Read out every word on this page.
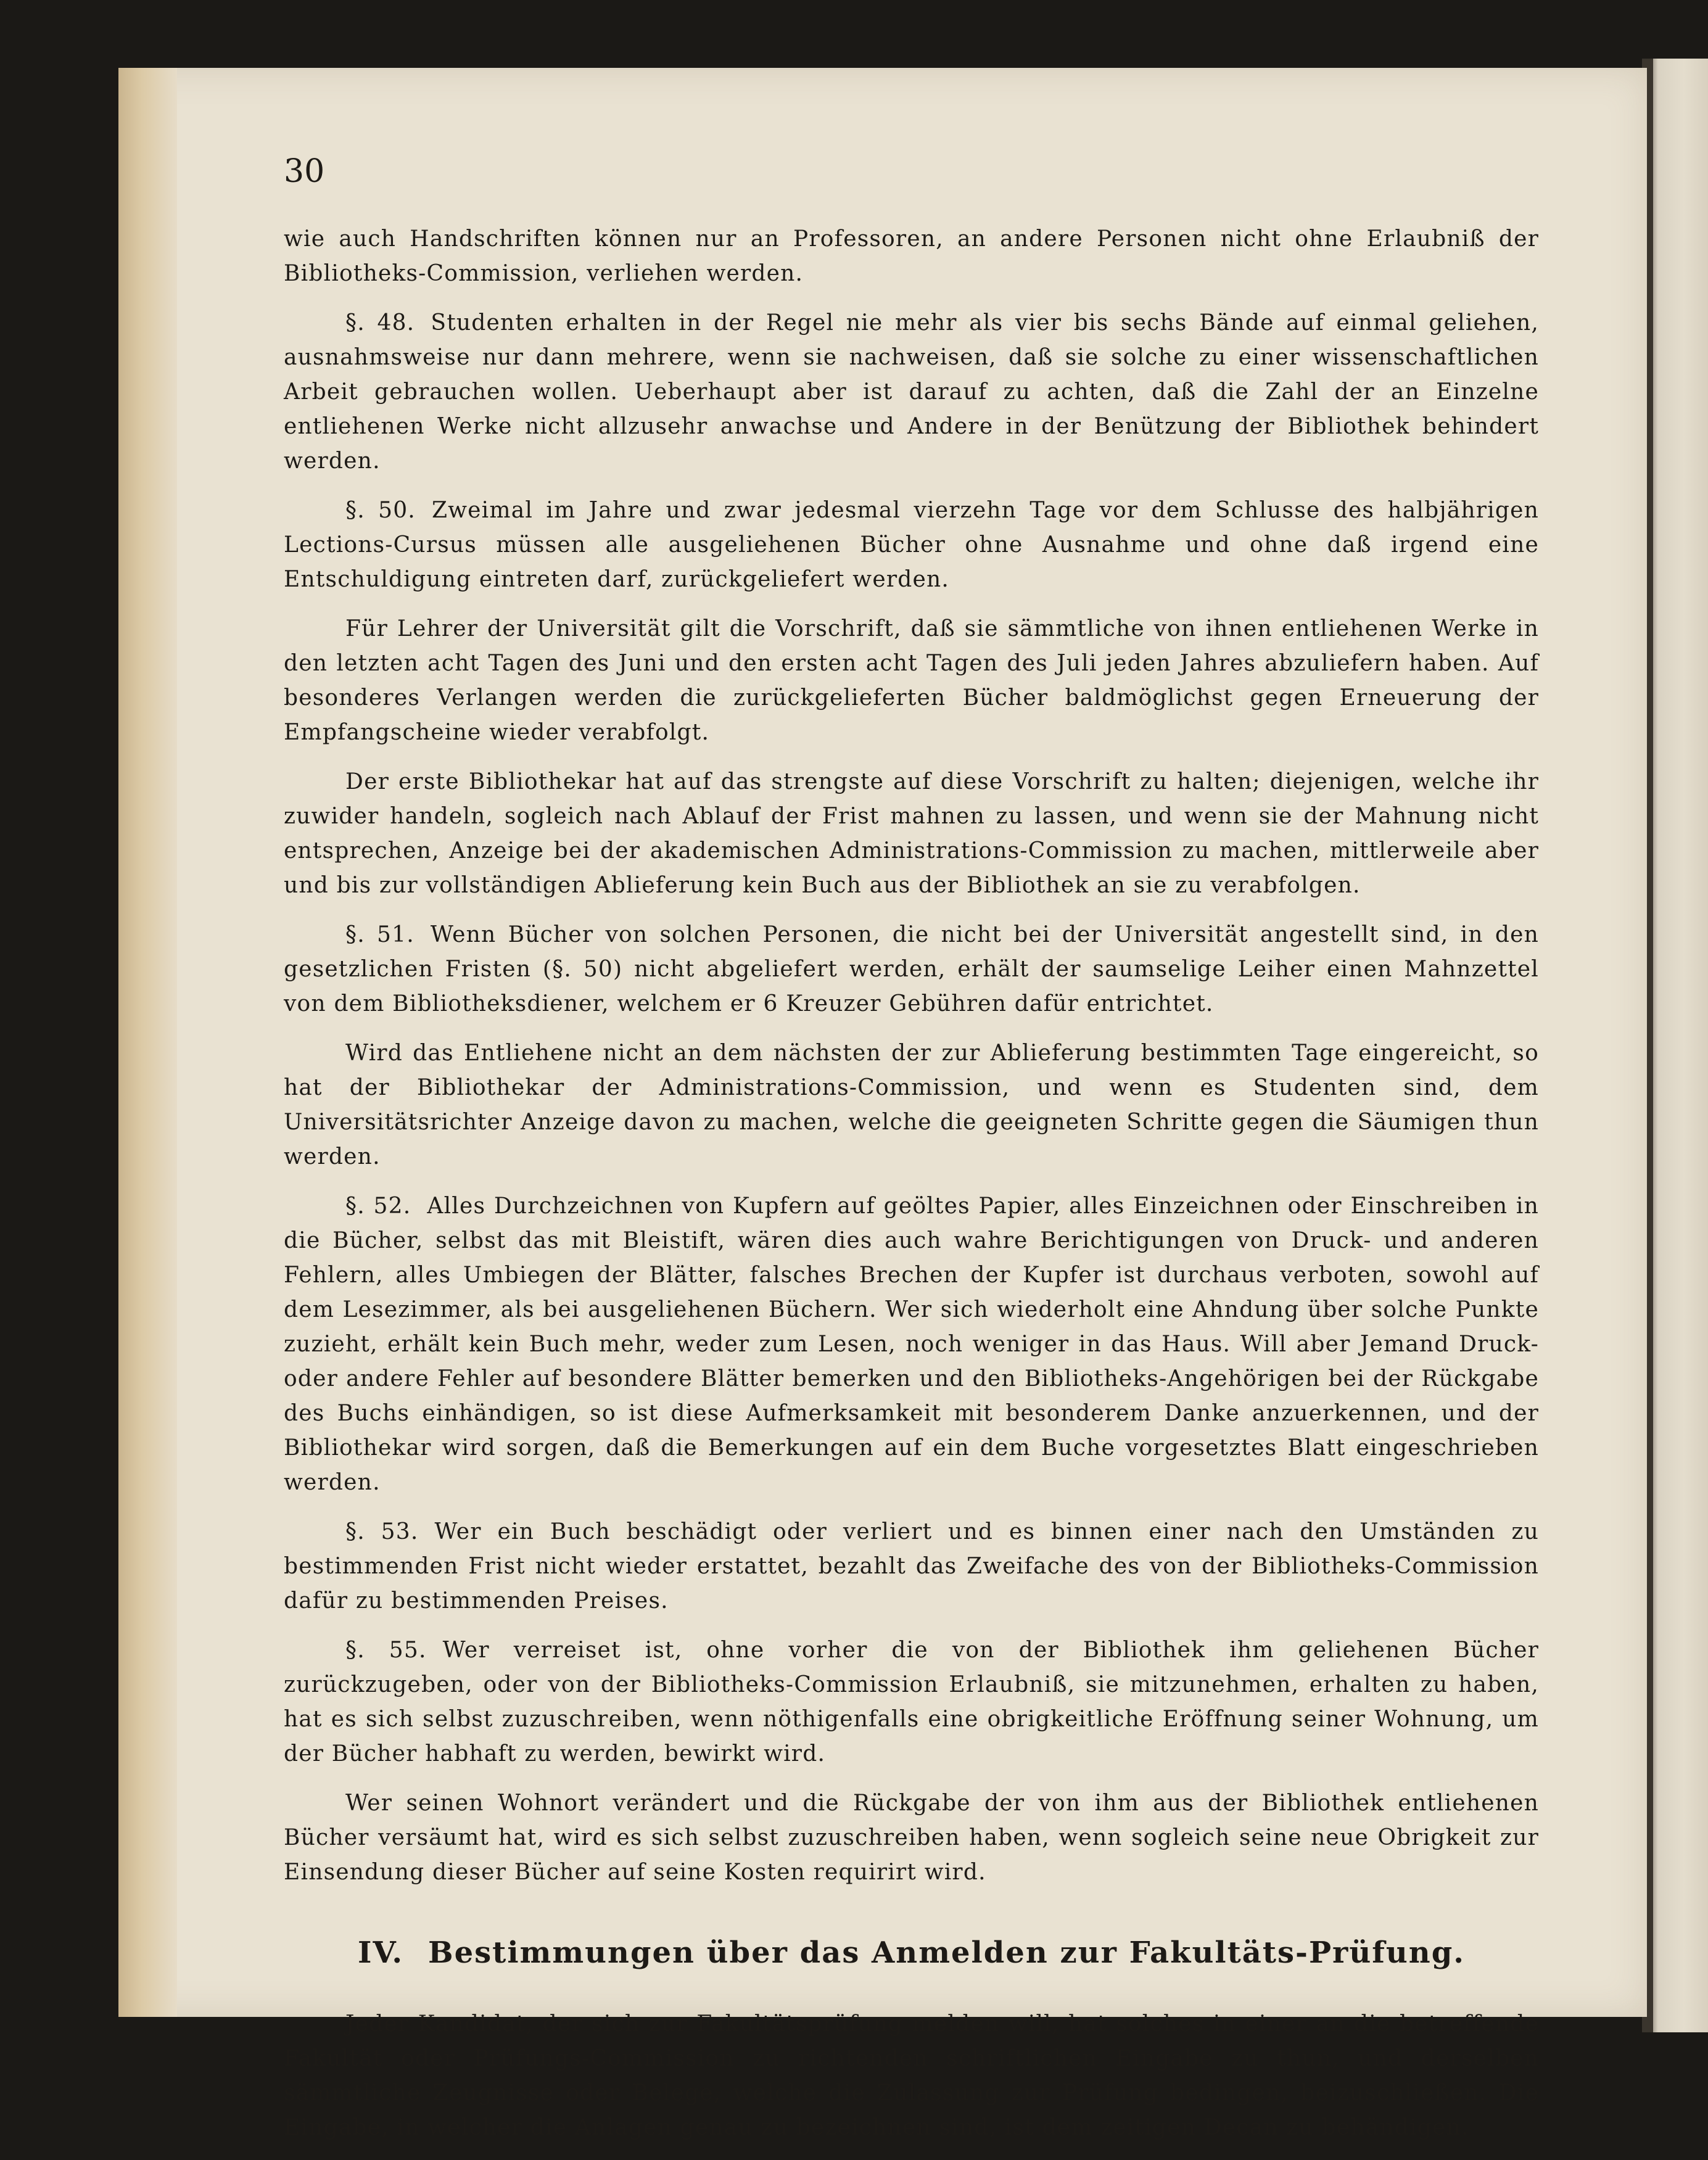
30

wie auch Handschriften können nur an Professoren, an andere Personen nicht ohne Erlaubniß der Bibliotheks-Commission, verliehen werden.

§. 48. Studenten erhalten in der Regel nie mehr als vier bis sechs Bände auf einmal geliehen, ausnahmsweise nur dann mehrere, wenn sie nachweisen, daß sie solche zu einer wissenschaftlichen Arbeit gebrauchen wollen. Ueberhaupt aber ist darauf zu achten, daß die Zahl der an Einzelne entliehenen Werke nicht allzusehr anwachse und Andere in der Benützung der Bibliothek behindert werden.

§. 50. Zweimal im Jahre und zwar jedesmal vierzehn Tage vor dem Schlusse des halbjährigen Lections-Cursus müssen alle ausgeliehenen Bücher ohne Ausnahme und ohne daß irgend eine Entschuldigung eintreten darf, zurückgeliefert werden.

Für Lehrer der Universität gilt die Vorschrift, daß sie sämmtliche von ihnen entliehenen Werke in den letzten acht Tagen des Juni und den ersten acht Tagen des Juli jeden Jahres abzuliefern haben. Auf besonderes Verlangen werden die zurückgelieferten Bücher baldmöglichst gegen Erneuerung der Empfangscheine wieder verabfolgt.

Der erste Bibliothekar hat auf das strengste auf diese Vorschrift zu halten; diejenigen, welche ihr zuwider handeln, sogleich nach Ablauf der Frist mahnen zu lassen, und wenn sie der Mahnung nicht entsprechen, Anzeige bei der akademischen Administrations-Commission zu machen, mittlerweile aber und bis zur vollständigen Ablieferung kein Buch aus der Bibliothek an sie zu verabfolgen.

§. 51. Wenn Bücher von solchen Personen, die nicht bei der Universität angestellt sind, in den gesetzlichen Fristen (§. 50) nicht abgeliefert werden, erhält der saumselige Leiher einen Mahnzettel von dem Bibliotheksdiener, welchem er 6 Kreuzer Gebühren dafür entrichtet.

Wird das Entliehene nicht an dem nächsten der zur Ablieferung bestimmten Tage eingereicht, so hat der Bibliothekar der Administrations-Commission, und wenn es Studenten sind, dem Universitätsrichter Anzeige davon zu machen, welche die geeigneten Schritte gegen die Säumigen thun werden.

§. 52. Alles Durchzeichnen von Kupfern auf geöltes Papier, alles Einzeichnen oder Einschreiben in die Bücher, selbst das mit Bleistift, wären dies auch wahre Berichtigungen von Druck- und anderen Fehlern, alles Umbiegen der Blätter, falsches Brechen der Kupfer ist durchaus verboten, sowohl auf dem Lesezimmer, als bei ausgeliehenen Büchern. Wer sich wiederholt eine Ahndung über solche Punkte zuzieht, erhält kein Buch mehr, weder zum Lesen, noch weniger in das Haus. Will aber Jemand Druck- oder andere Fehler auf besondere Blätter bemerken und den Bibliotheks-Angehörigen bei der Rückgabe des Buchs einhändigen, so ist diese Aufmerksamkeit mit besonderem Danke anzuerkennen, und der Bibliothekar wird sorgen, daß die Bemerkungen auf ein dem Buche vorgesetztes Blatt eingeschrieben werden.

§. 53. Wer ein Buch beschädigt oder verliert und es binnen einer nach den Umständen zu bestimmenden Frist nicht wieder erstattet, bezahlt das Zweifache des von der Bibliotheks-Commission dafür zu bestimmenden Preises.

§. 55. Wer verreiset ist, ohne vorher die von der Bibliothek ihm geliehenen Bücher zurückzugeben, oder von der Bibliotheks-Commission Erlaubniß, sie mitzunehmen, erhalten zu haben, hat es sich selbst zuzuschreiben, wenn nöthigenfalls eine obrigkeitliche Eröffnung seiner Wohnung, um der Bücher habhaft zu werden, bewirkt wird.

Wer seinen Wohnort verändert und die Rückgabe der von ihm aus der Bibliothek entliehenen Bücher versäumt hat, wird es sich selbst zuzuschreiben haben, wenn sogleich seine neue Obrigkeit zur Einsendung dieser Bücher auf seine Kosten requirirt wird.

IV. Bestimmungen über das Anmelden zur Fakultäts-Prüfung.

Jeder Kandidat, der sich zur Fakultätsprüfung melden will, hat solches in einer an die betreffende Fakultät oder Prüfungs-Commission zu richtenden schriftlichen Eingabe zu thun, und derselben sämmtliche Zeugnisse oder Belege, welche die Zulassung zur Prüfung bedingen, beizuschließen. Die Eingabe, in welcher die Anlagen genau zu bezeichnen sind, ist dem zeitigen Decan zu behändigen.
